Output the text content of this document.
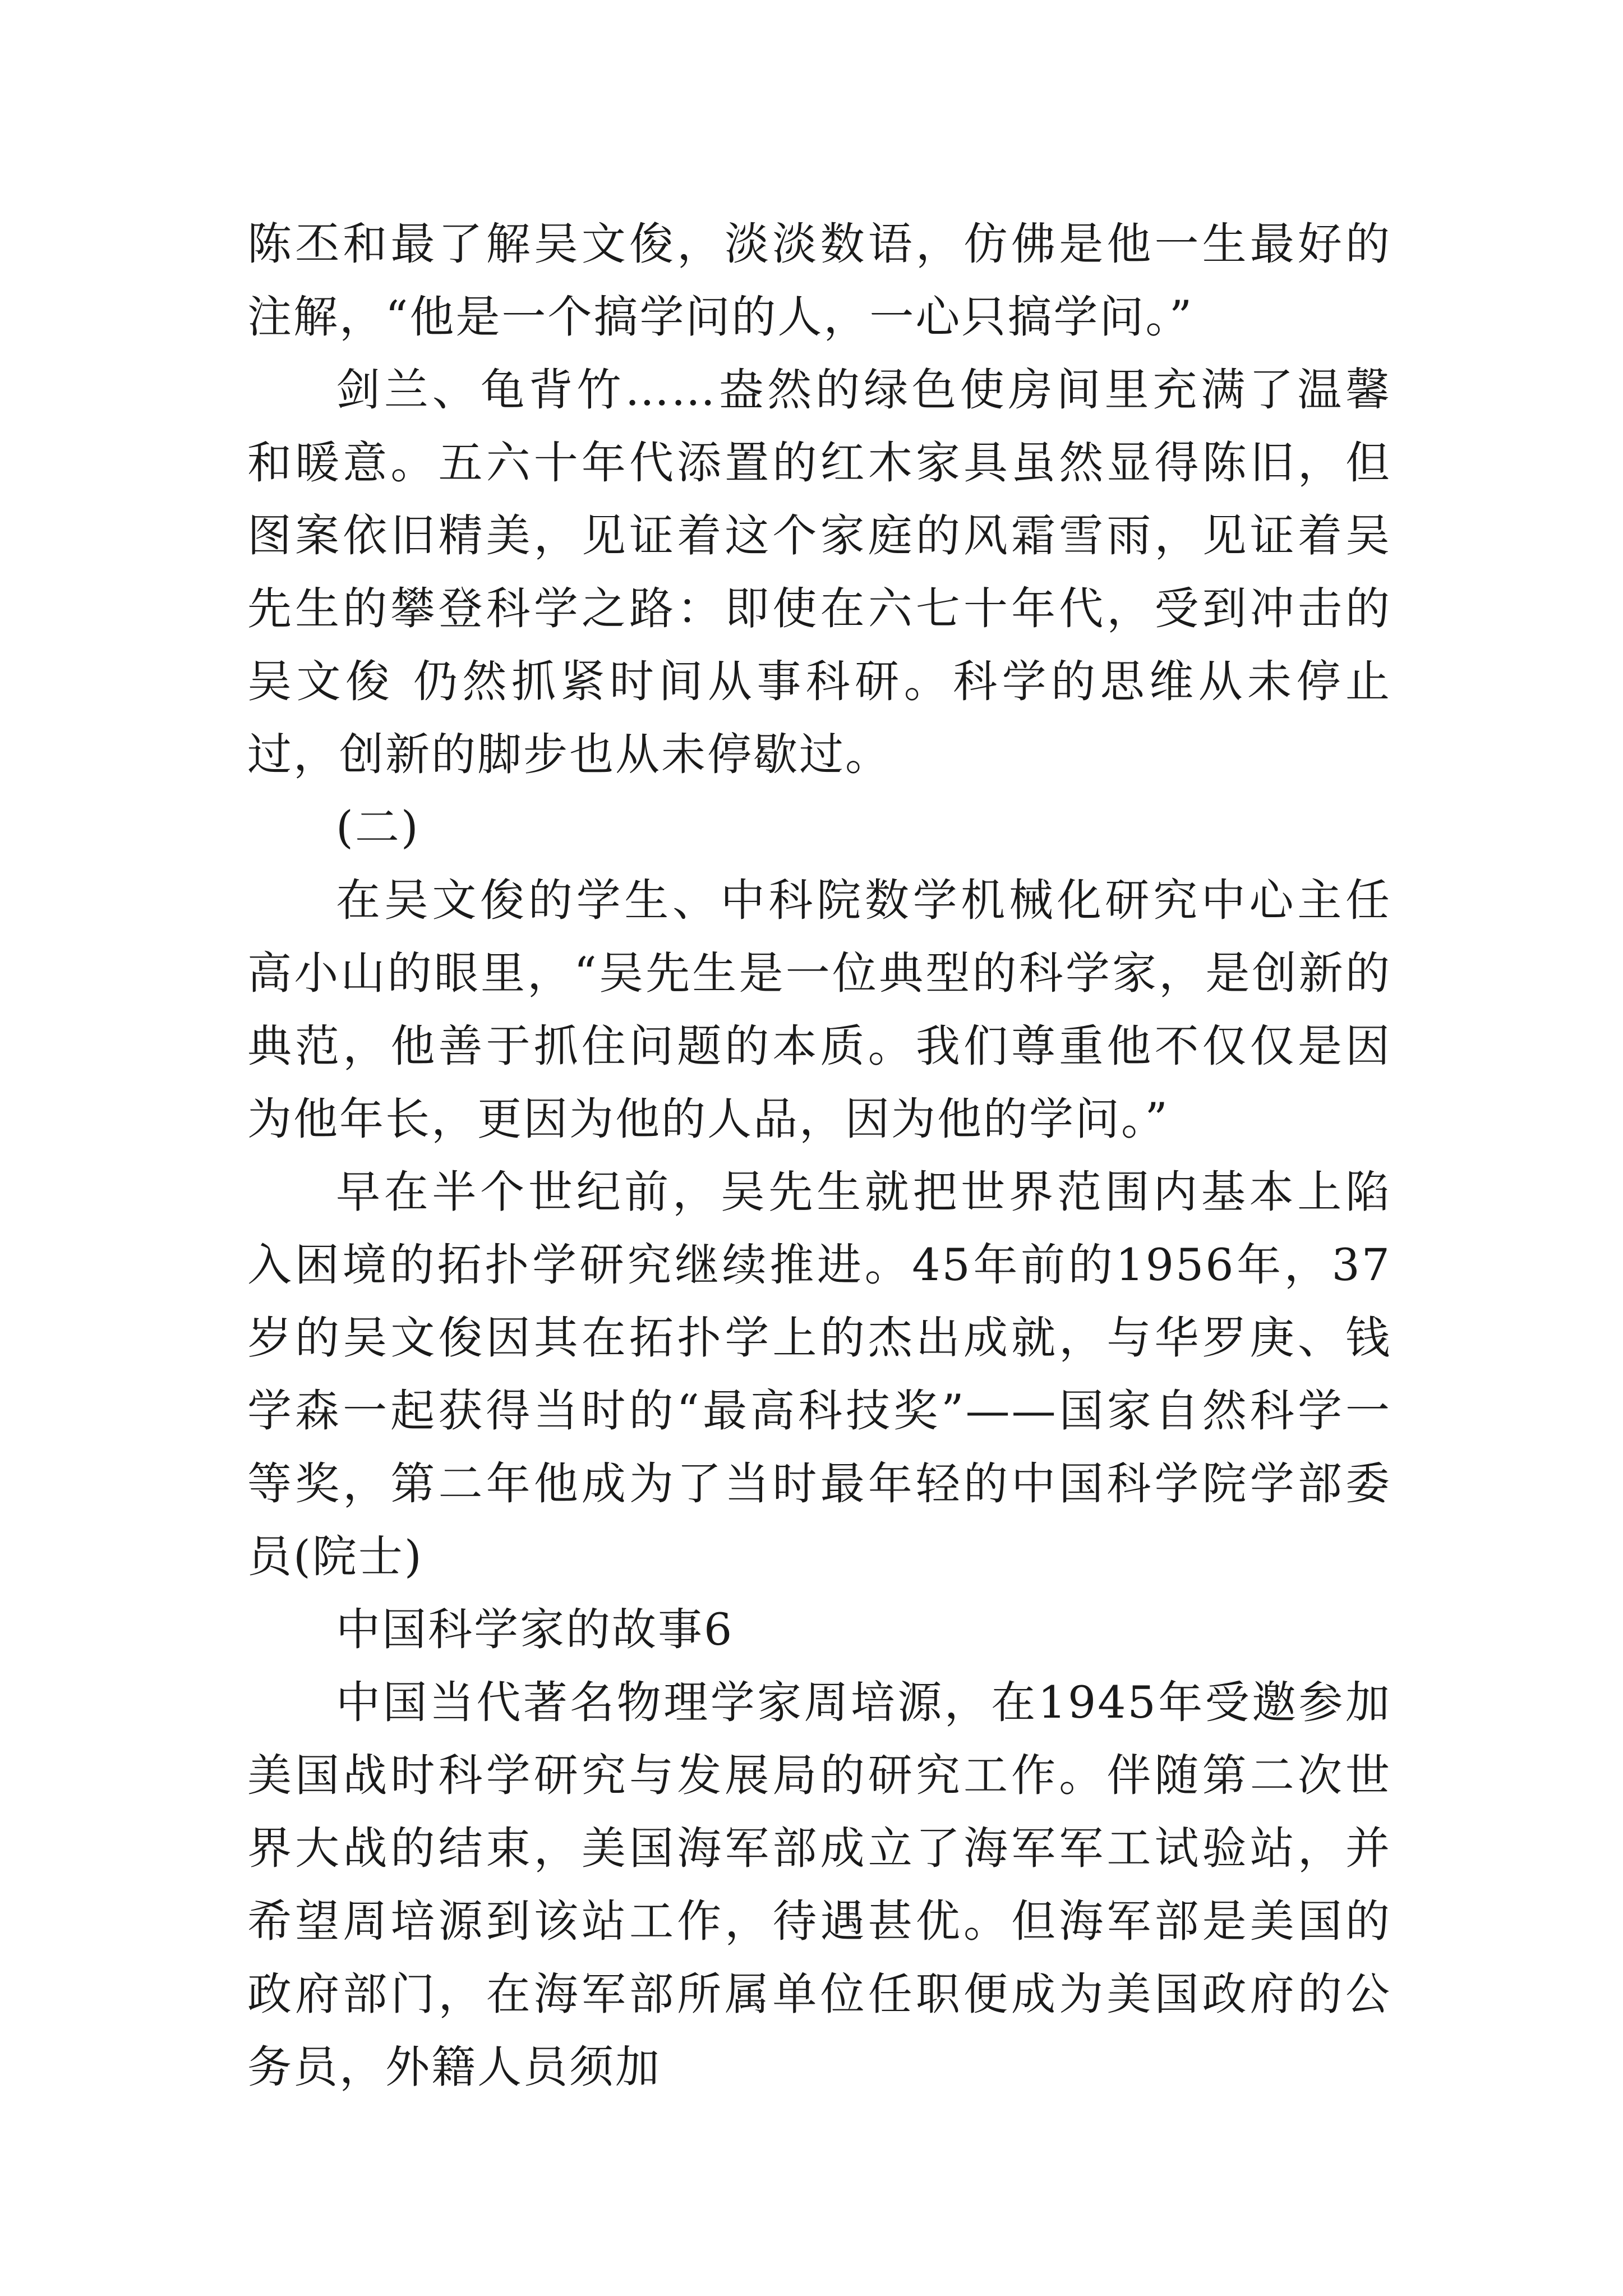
陈丕和最了解吴文俊，淡淡数语，仿佛是他一生最好的注解，“他是一个搞学问的人，一心只搞学问。”

剑兰、龟背竹……盎然的绿色使房间里充满了温馨和暖意。五六十年代添置的红木家具虽然显得陈旧，但图案依旧精美，见证着这个家庭的风霜雪雨，见证着吴先生的攀登科学之路：即使在六七十年代，受到冲击的吴文俊 仍然抓紧时间从事科研。科学的思维从未停止过，创新的脚步也从未停歇过。

(二)

在吴文俊的学生、中科院数学机械化研究中心主任高小山的眼里，“吴先生是一位典型的科学家，是创新的典范，他善于抓住问题的本质。我们尊重他不仅仅是因为他年长，更因为他的人品，因为他的学问。”

早在半个世纪前，吴先生就把世界范围内基本上陷入困境的拓扑学研究继续推进。45年前的1956年，37岁的吴文俊因其在拓扑学上的杰出成就，与华罗庚、钱学森一起获得当时的“最高科技奖”——国家自然科学一等奖，第二年他成为了当时最年轻的中国科学院学部委员(院士)

中国科学家的故事6

中国当代著名物理学家周培源，在1945年受邀参加美国战时科学研究与发展局的研究工作。伴随第二次世界大战的结束，美国海军部成立了海军军工试验站，并希望周培源到该站工作，待遇甚优。但海军部是美国的政府部门，在海军部所属单位任职便成为美国政府的公务员，外籍人员须加
